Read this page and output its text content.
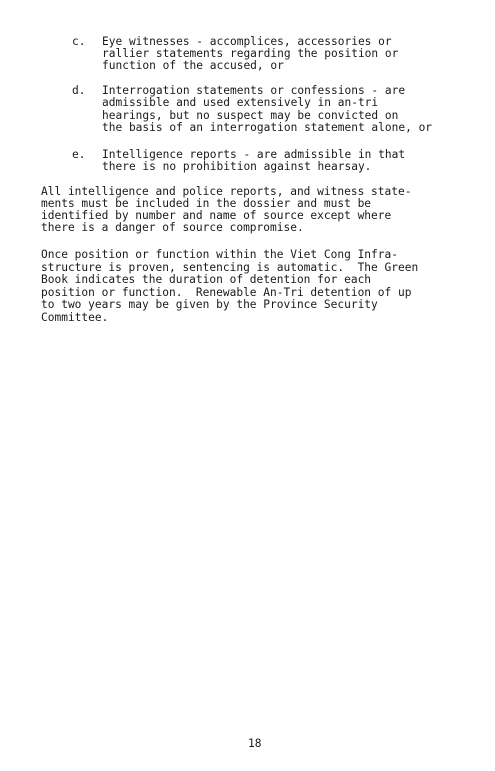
c. Eye witnesses - accomplices, accessories or
rallier statements regarding the position or
function of the accused, or
d. Interrogation statements or confessions - are
admissible and used extensively in an-tri
hearings, but no suspect may be convicted on
the basis of an interrogation statement alone, or
e. Intelligence reports - are admissible in that
there is no prohibition against hearsay.
All intelligence and police reports, and witness state-
ments must be included in the dossier and must be
identified by number and name of source except where
there is a danger of source compromise.
Once position or function within the Viet Cong Infra-
structure is proven, sentencing is automatic.  The Green
Book indicates the duration of detention for each
position or function.  Renewable An-Tri detention of up
to two years may be given by the Province Security
Committee.
18
